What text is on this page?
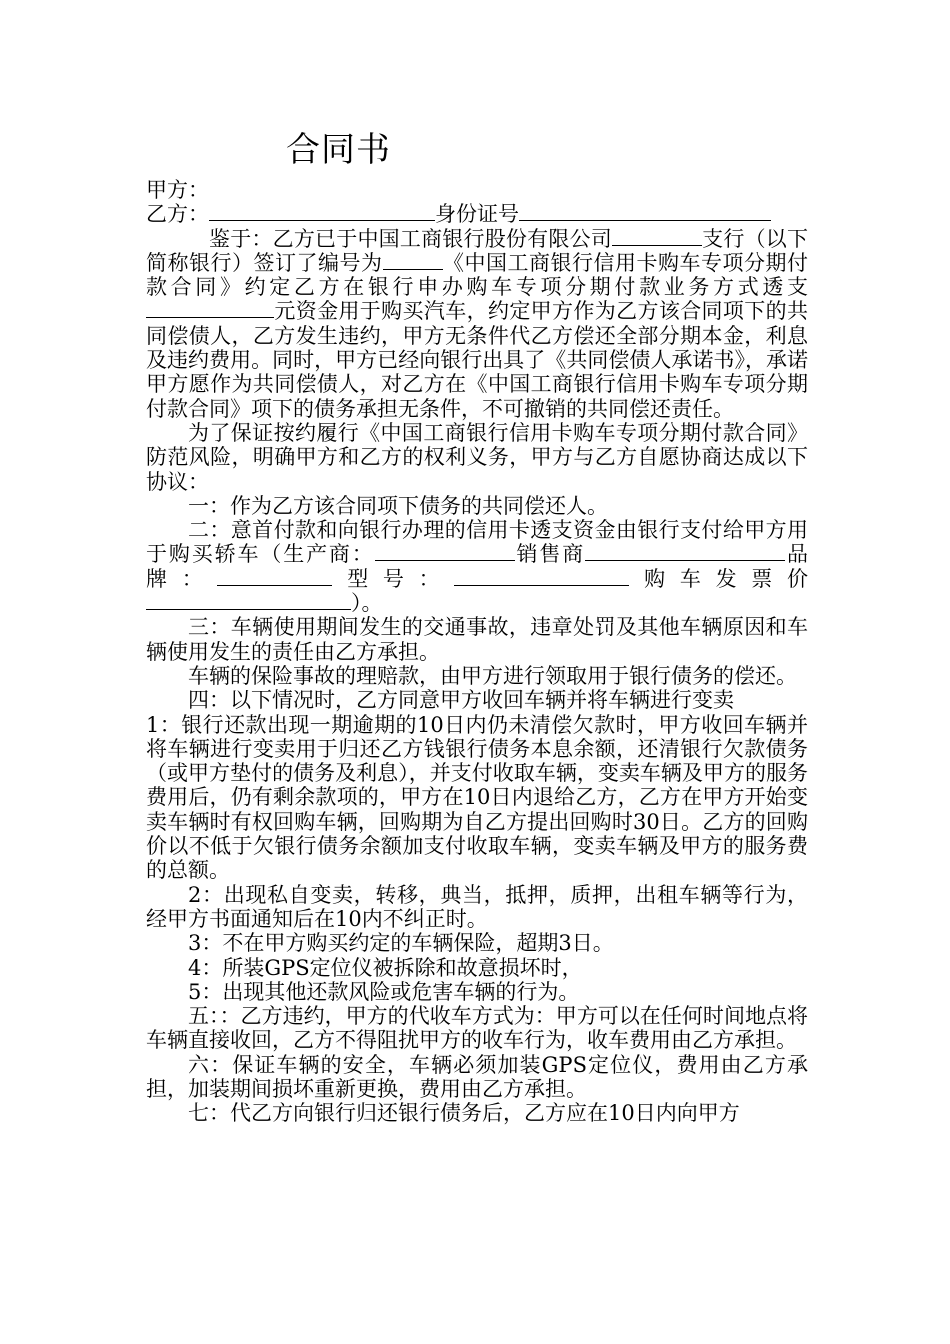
合同书
甲方：
乙方：	身份证号

鉴于：乙方已于中国工商银行股份有限公司	支行（以下简称银行）签订了编号为	《中国工商银行信用卡购车专项分期付款合同》约定乙方在银行申办购车专项分期付款业务方式透支元资金用于购买汽车，约定甲方作为乙方该合同项下的共同偿债人，乙方发生违约，甲方无条件代乙方偿还全部分期本金，利息及违约费用。同时，甲方已经向银行出具了《共同偿债人承诺书》，承诺甲方愿作为共同偿债人，对乙方在《中国工商银行信用卡购车专项分期付款合同》项下的债务承担无条件，不可撤销的共同偿还责任。

为了保证按约履行《中国工商银行信用卡购车专项分期付款合同》防范风险，明确甲方和乙方的权利义务，甲方与乙方自愿协商达成以下协议：

一：作为乙方该合同项下债务的共同偿还人。

二：意首付款和向银行办理的信用卡透支资金由银行支付给甲方用于购买轿车（生产商：	销售商	品牌：	型号：	购车发票价）。

三：车辆使用期间发生的交通事故，违章处罚及其他车辆原因和车辆使用发生的责任由乙方承担。

车辆的保险事故的理赔款，由甲方进行领取用于银行债务的偿还。

四：以下情况时，乙方同意甲方收回车辆并将车辆进行变卖

1：银行还款出现一期逾期的10日内仍未清偿欠款时，甲方收回车辆并将车辆进行变卖用于归还乙方钱银行债务本息余额，还清银行欠款债务（或甲方垫付的债务及利息），并支付收取车辆，变卖车辆及甲方的服务费用后，仍有剩余款项的，甲方在10日内退给乙方，乙方在甲方开始变卖车辆时有权回购车辆，回购期为自乙方提出回购时30日。乙方的回购价以不低于欠银行债务余额加支付收取车辆，变卖车辆及甲方的服务费的总额。

2：出现私自变卖，转移，典当，抵押，质押，出租车辆等行为，经甲方书面通知后在10内不纠正时。

3：不在甲方购买约定的车辆保险，超期3日。

4：所装GPS定位仪被拆除和故意损坏时，

5：出现其他还款风险或危害车辆的行为。

五：：乙方违约，甲方的代收车方式为：甲方可以在任何时间地点将车辆直接收回，乙方不得阻扰甲方的收车行为，收车费用由乙方承担。

六：保证车辆的安全，车辆必须加装GPS定位仪，费用由乙方承担，加装期间损坏重新更换，费用由乙方承担。

七：代乙方向银行归还银行债务后，乙方应在10日内向甲方
